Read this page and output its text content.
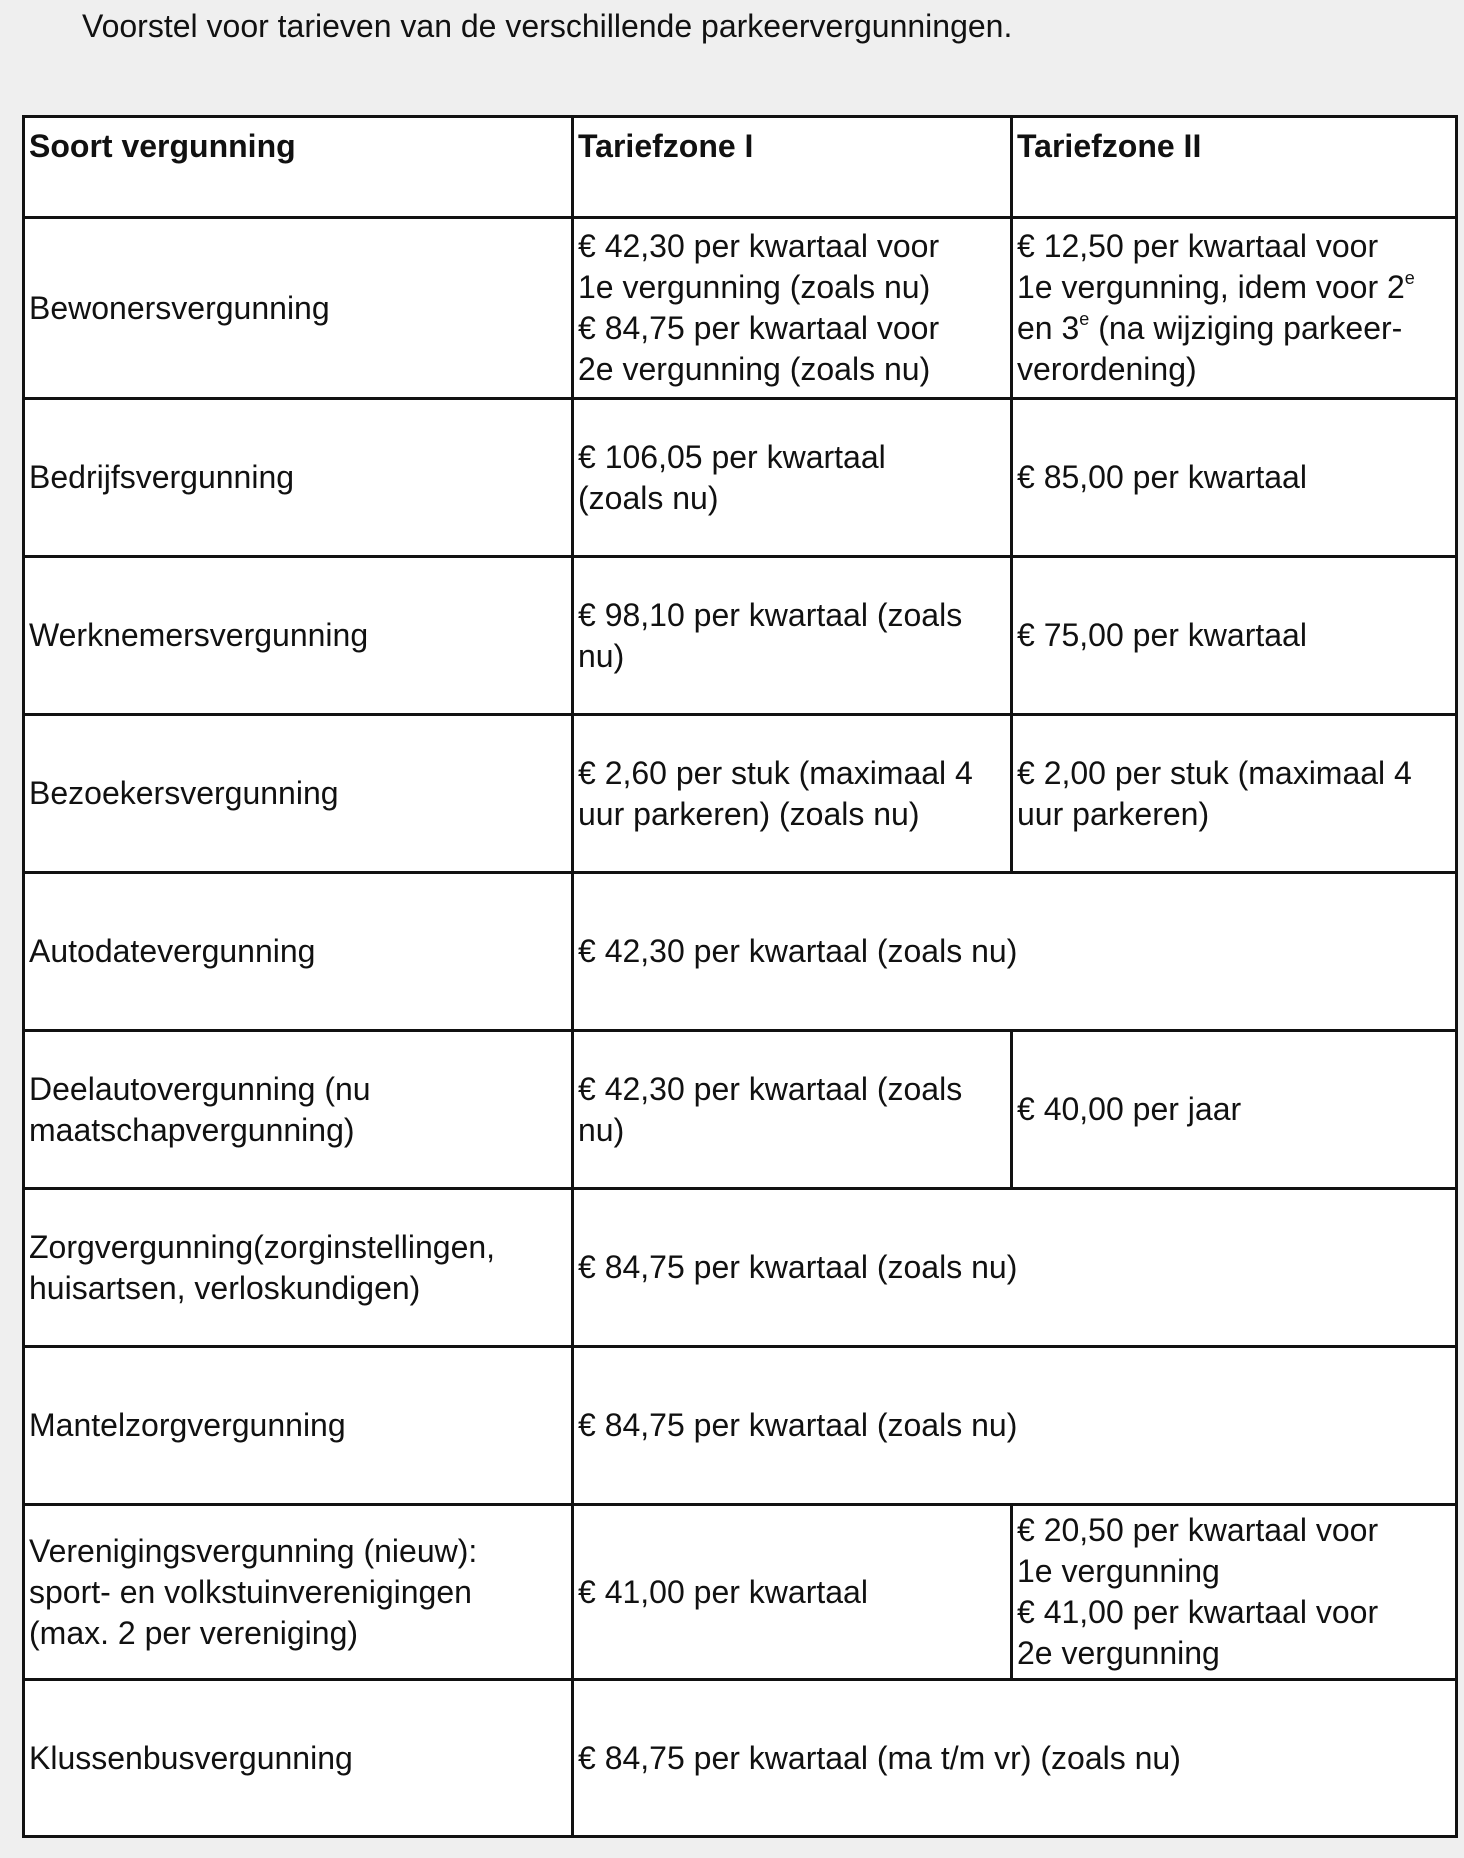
Voorstel voor tarieven van de verschillende parkeervergunningen.
Soort vergunning	Tariefzone I	Tariefzone II
Bewonersvergunning	€ 42,30 per kwartaal voor
1e vergunning (zoals nu)
€ 84,75 per kwartaal voor
2e vergunning (zoals nu)	€ 12,50 per kwartaal voor
1e vergunning, idem voor 2e
en 3e (na wijziging parkeer-
verordening)

Bedrijfsvergunning	€ 106,05 per kwartaal
(zoals nu)	€ 85,00 per kwartaal

Werknemersvergunning	€ 98,10 per kwartaal (zoals
nu)	€ 75,00 per kwartaal

Bezoekersvergunning	€ 2,60 per stuk (maximaal 4
uur parkeren) (zoals nu)	€ 2,00 per stuk (maximaal 4
uur parkeren)

Autodatevergunning	€ 42,30 per kwartaal (zoals nu)	

Deelautovergunning (nu
maatschapvergunning)	€ 42,30 per kwartaal (zoals
nu)	€ 40,00 per jaar

Zorgvergunning(zorginstellingen,
huisartsen, verloskundigen)	€ 84,75 per kwartaal (zoals nu)	

Mantelzorgvergunning	€ 84,75 per kwartaal (zoals nu)	

Verenigingsvergunning (nieuw):
sport- en volkstuinverenigingen
(max. 2 per vereniging)	€ 41,00 per kwartaal	€ 20,50 per kwartaal voor
1e vergunning
€ 41,00 per kwartaal voor
2e vergunning

Klussenbusvergunning	€ 84,75 per kwartaal (ma t/m vr) (zoals nu)	
